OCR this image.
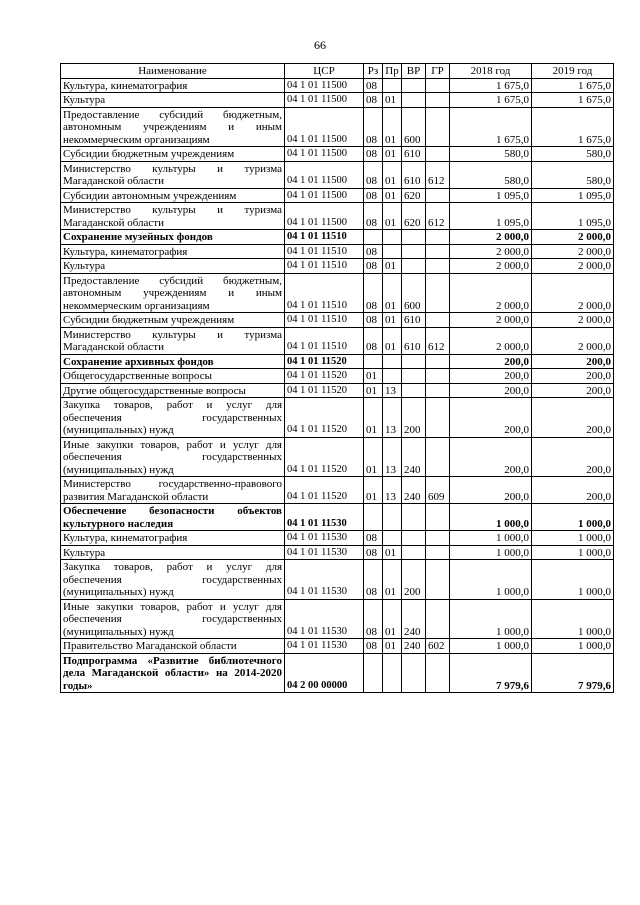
66
Наименование	ЦСР	Рз	Пр	ВР	ГР	2018 год	2019 год
Культура, кинематография	04 1 01 11500	08				1 675,0	1 675,0
Культура	04 1 01 11500	08	01			1 675,0	1 675,0
Предоставление субсидий бюджетным, автономным учреждениям и иным некоммерческим организациям	04 1 01 11500	08	01	600		1 675,0	1 675,0
Субсидии бюджетным учреждениям	04 1 01 11500	08	01	610		580,0	580,0
Министерство культуры и туризма Магаданской области	04 1 01 11500	08	01	610	612	580,0	580,0
Субсидии автономным учреждениям	04 1 01 11500	08	01	620		1 095,0	1 095,0
Министерство культуры и туризма Магаданской области	04 1 01 11500	08	01	620	612	1 095,0	1 095,0
Сохранение музейных фондов	04 1 01 11510					2 000,0	2 000,0
Культура, кинематография	04 1 01 11510	08				2 000,0	2 000,0
Культура	04 1 01 11510	08	01			2 000,0	2 000,0
Предоставление субсидий бюджетным, автономным учреждениям и иным некоммерческим организациям	04 1 01 11510	08	01	600		2 000,0	2 000,0
Субсидии бюджетным учреждениям	04 1 01 11510	08	01	610		2 000,0	2 000,0
Министерство культуры и туризма Магаданской области	04 1 01 11510	08	01	610	612	2 000,0	2 000,0
Сохранение архивных фондов	04 1 01 11520					200,0	200,0
Общегосударственные вопросы	04 1 01 11520	01				200,0	200,0
Другие общегосударственные вопросы	04 1 01 11520	01	13			200,0	200,0
Закупка товаров, работ и услуг для обеспечения государственных (муниципальных) нужд	04 1 01 11520	01	13	200		200,0	200,0
Иные закупки товаров, работ и услуг для обеспечения государственных (муниципальных) нужд	04 1 01 11520	01	13	240		200,0	200,0
Министерство государственно-правового развития Магаданской области	04 1 01 11520	01	13	240	609	200,0	200,0
Обеспечение безопасности объектов культурного наследия	04 1 01 11530					1 000,0	1 000,0
Культура, кинематография	04 1 01 11530	08				1 000,0	1 000,0
Культура	04 1 01 11530	08	01			1 000,0	1 000,0
Закупка товаров, работ и услуг для обеспечения государственных (муниципальных) нужд	04 1 01 11530	08	01	200		1 000,0	1 000,0
Иные закупки товаров, работ и услуг для обеспечения государственных (муниципальных) нужд	04 1 01 11530	08	01	240		1 000,0	1 000,0
Правительство Магаданской области	04 1 01 11530	08	01	240	602	1 000,0	1 000,0
Подпрограмма «Развитие библиотечного дела Магаданской области» на 2014-2020 годы»	04 2 00 00000					7 979,6	7 979,6
